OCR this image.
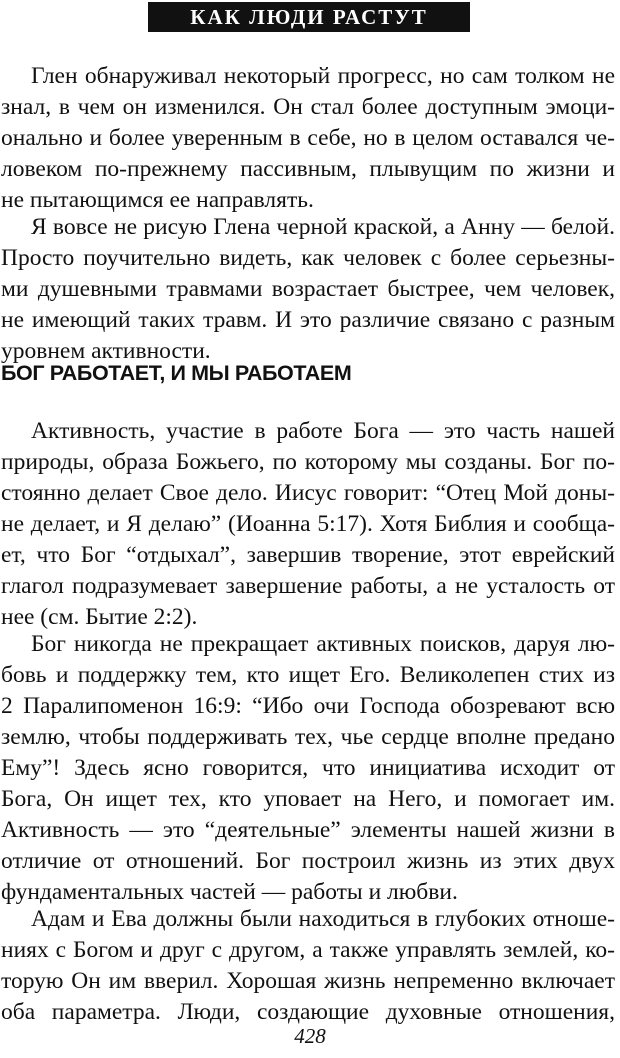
КАК ЛЮДИ РАСТУТ
Глен обнаруживал некоторый прогресс, но сам толком не
знал, в чем он изменился. Он стал более доступным эмоци-
онально и более уверенным в себе, но в целом оставался че-
ловеком по-прежнему пассивным, плывущим по жизни и
не пытающимся ее направлять.
Я вовсе не рисую Глена черной краской, а Анну — белой.
Просто поучительно видеть, как человек с более серьезны-
ми душевными травмами возрастает быстрее, чем человек,
не имеющий таких травм. И это различие связано с разным
уровнем активности.
БОГ РАБОТАЕТ, И МЫ РАБОТАЕМ
Активность, участие в работе Бога — это часть нашей
природы, образа Божьего, по которому мы созданы. Бог по-
стоянно делает Свое дело. Иисус говорит: “Отец Мой доны-
не делает, и Я делаю” (Иоанна 5:17). Хотя Библия и сообща-
ет, что Бог “отдыхал”, завершив творение, этот еврейский
глагол подразумевает завершение работы, а не усталость от
нее (см. Бытие 2:2).
Бог никогда не прекращает активных поисков, даруя лю-
бовь и поддержку тем, кто ищет Его. Великолепен стих из
2 Паралипоменон 16:9: “Ибо очи Господа обозревают всю
землю, чтобы поддерживать тех, чье сердце вполне предано
Ему”! Здесь ясно говорится, что инициатива исходит от
Бога, Он ищет тех, кто уповает на Него, и помогает им.
Активность — это “деятельные” элементы нашей жизни в
отличие от отношений. Бог построил жизнь из этих двух
фундаментальных частей — работы и любви.
Адам и Ева должны были находиться в глубоких отноше-
ниях с Богом и друг с другом, а также управлять землей, ко-
торую Он им вверил. Хорошая жизнь непременно включает
оба параметра. Люди, создающие духовные отношения,
428
